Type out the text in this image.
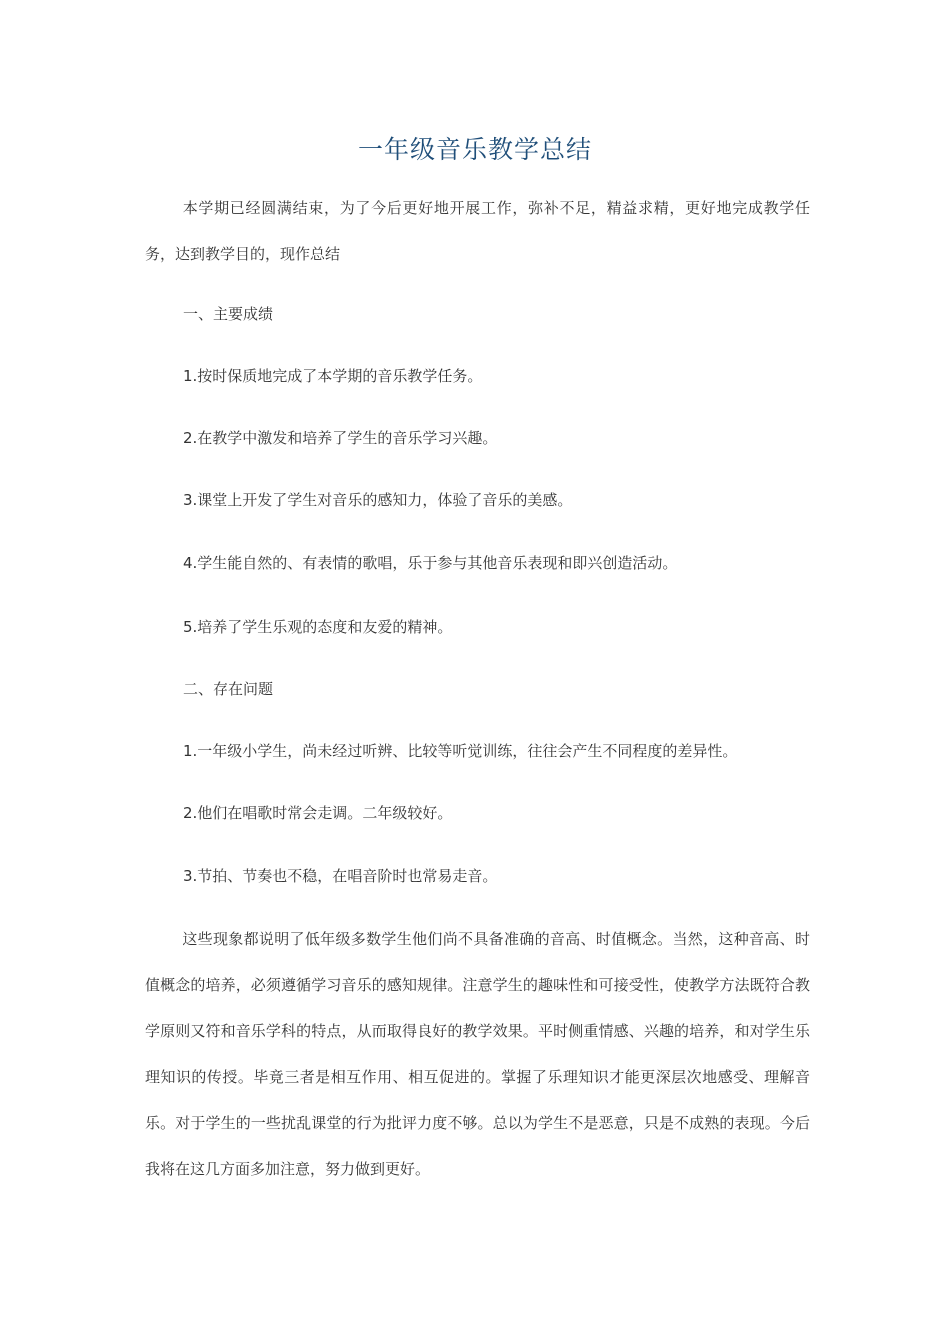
一年级音乐教学总结
本学期已经圆满结束，为了今后更好地开展工作，弥补不足，精益求精，更好地完成教学任务，达到教学目的，现作总结
一、主要成绩
1.按时保质地完成了本学期的音乐教学任务。
2.在教学中激发和培养了学生的音乐学习兴趣。
3.课堂上开发了学生对音乐的感知力，体验了音乐的美感。
4.学生能自然的、有表情的歌唱，乐于参与其他音乐表现和即兴创造活动。
5.培养了学生乐观的态度和友爱的精神。
二、存在问题
1.一年级小学生，尚未经过听辨、比较等听觉训练，往往会产生不同程度的差异性。
2.他们在唱歌时常会走调。二年级较好。
3.节拍、节奏也不稳，在唱音阶时也常易走音。
这些现象都说明了低年级多数学生他们尚不具备准确的音高、时值概念。当然，这种音高、时值概念的培养，必须遵循学习音乐的感知规律。注意学生的趣味性和可接受性，使教学方法既符合教学原则又符和音乐学科的特点，从而取得良好的教学效果。平时侧重情感、兴趣的培养，和对学生乐理知识的传授。毕竟三者是相互作用、相互促进的。掌握了乐理知识才能更深层次地感受、理解音乐。对于学生的一些扰乱课堂的行为批评力度不够。总以为学生不是恶意，只是不成熟的表现。今后我将在这几方面多加注意，努力做到更好。
